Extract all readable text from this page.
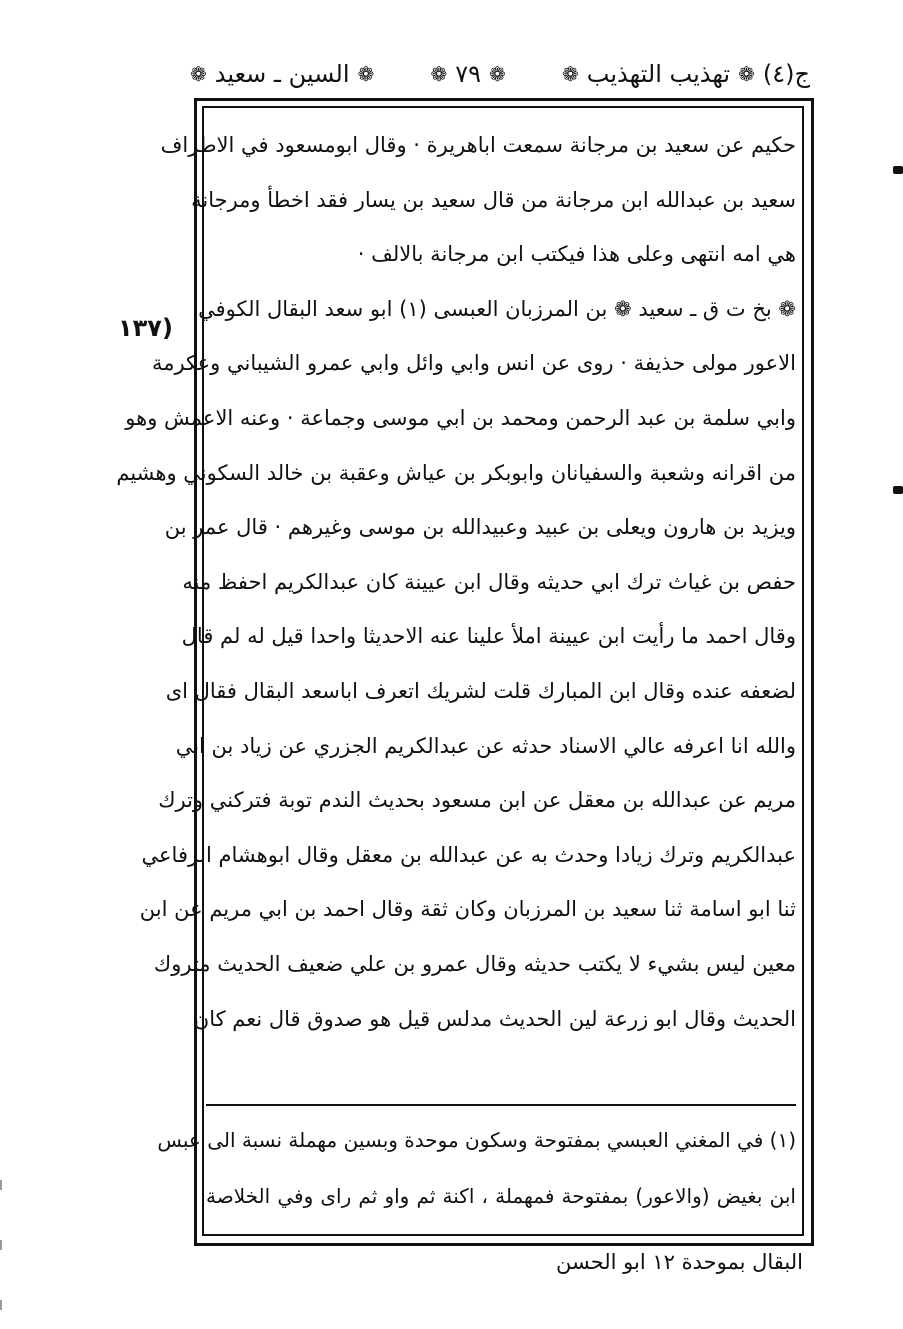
ج(٤)
❁
تهذيب التهذيب
❁
❁
٧٩
❁
❁
السين ـ سعيد
❁
١٣٧)
حكيم عن سعيد بن مرجانة سمعت اباهريرة · وقال ابومسعود في الاطراف
سعيد بن عبدالله ابن مرجانة من قال سعيد بن يسار فقد اخطأ ومرجانة
هي امه انتهى وعلى هذا فيكتب ابن مرجانة بالالف ·
❁ بخ ت ق ـ سعيد ❁ بن المرزبان العبسى (١) ابو سعد البقال الكوفي
الاعور مولى حذيفة · روى عن انس وابي وائل وابي عمرو الشيباني وعكرمة
وابي سلمة بن عبد الرحمن ومحمد بن ابي موسى وجماعة · وعنه الاعمش وهو
من اقرانه وشعبة والسفيانان وابوبكر بن عياش وعقبة بن خالد السكوني وهشيم
ويزيد بن هارون ويعلى بن عبيد وعبيدالله بن موسى وغيرهم · قال عمر بن
حفص بن غياث ترك ابي حديثه وقال ابن عيينة كان عبدالكريم احفظ منه
وقال احمد ما رأيت ابن عيينة املأ علينا عنه الاحديثا واحدا قيل له لم قال
لضعفه عنده وقال ابن المبارك قلت لشريك اتعرف اباسعد البقال فقال اى
والله انا اعرفه عالي الاسناد حدثه عن عبدالكريم الجزري عن زياد بن ابي
مريم عن عبدالله بن معقل عن ابن مسعود بحديث الندم توبة فتركني وترك
عبدالكريم وترك زيادا وحدث به عن عبدالله بن معقل وقال ابوهشام الرفاعي
ثنا ابو اسامة ثنا سعيد بن المرزبان وكان ثقة وقال احمد بن ابي مريم عن ابن
معين ليس بشيء لا يكتب حديثه وقال عمرو بن علي ضعيف الحديث متروك
الحديث وقال ابو زرعة لين الحديث مدلس قيل هو صدوق قال نعم كان
(١) في المغني العبسي بمفتوحة وسكون موحدة وبسين مهملة نسبة الى عبس
ابن بغيض (والاعور) بمفتوحة فمهملة ، اكنة ثم واو ثم راى وفي الخلاصة
البقال بموحدة ١٢ ابو الحسن
